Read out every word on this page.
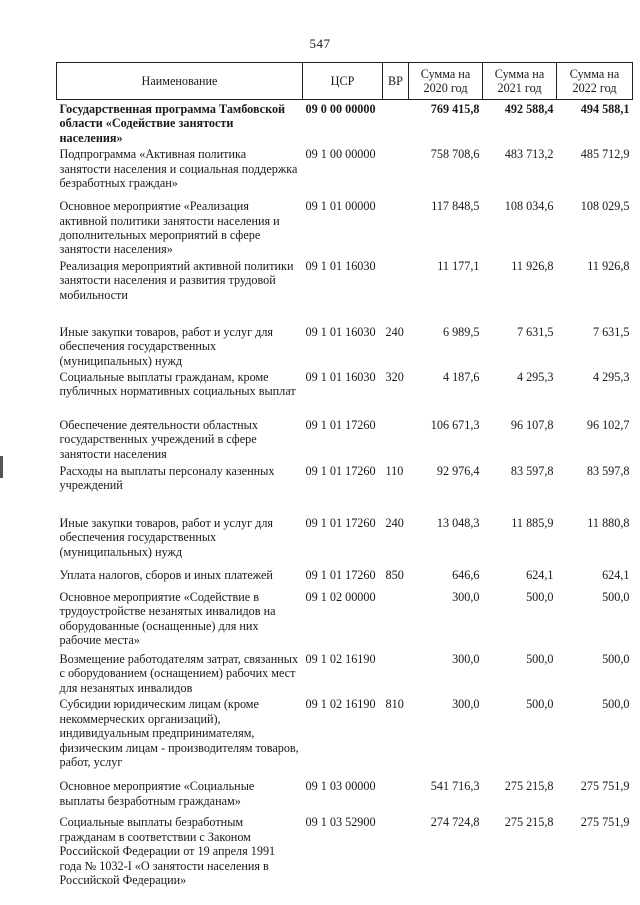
547
Наименование	ЦСР	ВР	Сумма на 2020 год	Сумма на 2021 год	Сумма на 2022 год
Государственная программа Тамбовской области «Содействие занятости населения»	09 0 00 00000		769 415,8	492 588,4	494 588,1
Подпрограмма «Активная политика занятости населения и социальная поддержка безработных граждан»	09 1 00 00000		758 708,6	483 713,2	485 712,9
Основное мероприятие «Реализация активной политики занятости населения и дополнительных мероприятий в сфере занятости населения»	09 1 01 00000		117 848,5	108 034,6	108 029,5
Реализация мероприятий активной политики занятости населения и развития трудовой мобильности	09 1 01 16030		11 177,1	11 926,8	11 926,8
Иные закупки товаров, работ и услуг для обеспечения государственных (муниципальных) нужд	09 1 01 16030	240	6 989,5	7 631,5	7 631,5
Социальные выплаты гражданам, кроме публичных нормативных социальных выплат	09 1 01 16030	320	4 187,6	4 295,3	4 295,3
Обеспечение деятельности областных государственных учреждений в сфере занятости населения	09 1 01 17260		106 671,3	96 107,8	96 102,7
Расходы на выплаты персоналу казенных учреждений	09 1 01 17260	110	92 976,4	83 597,8	83 597,8
Иные закупки товаров, работ и услуг для обеспечения государственных (муниципальных) нужд	09 1 01 17260	240	13 048,3	11 885,9	11 880,8
Уплата налогов, сборов и иных платежей	09 1 01 17260	850	646,6	624,1	624,1
Основное мероприятие «Содействие в трудоустройстве незанятых инвалидов на оборудованные (оснащенные) для них рабочие места»	09 1 02 00000		300,0	500,0	500,0
Возмещение работодателям затрат, связанных с оборудованием (оснащением) рабочих мест для незанятых инвалидов	09 1 02 16190		300,0	500,0	500,0
Субсидии юридическим лицам (кроме некоммерческих организаций), индивидуальным предпринимателям, физическим лицам - производителям товаров, работ, услуг	09 1 02 16190	810	300,0	500,0	500,0
Основное мероприятие «Социальные выплаты безработным гражданам»	09 1 03 00000		541 716,3	275 215,8	275 751,9
Социальные выплаты безработным гражданам в соответствии с Законом Российской Федерации от 19 апреля 1991 года № 1032-I «О занятости населения в Российской Федерации»	09 1 03 52900		274 724,8	275 215,8	275 751,9
